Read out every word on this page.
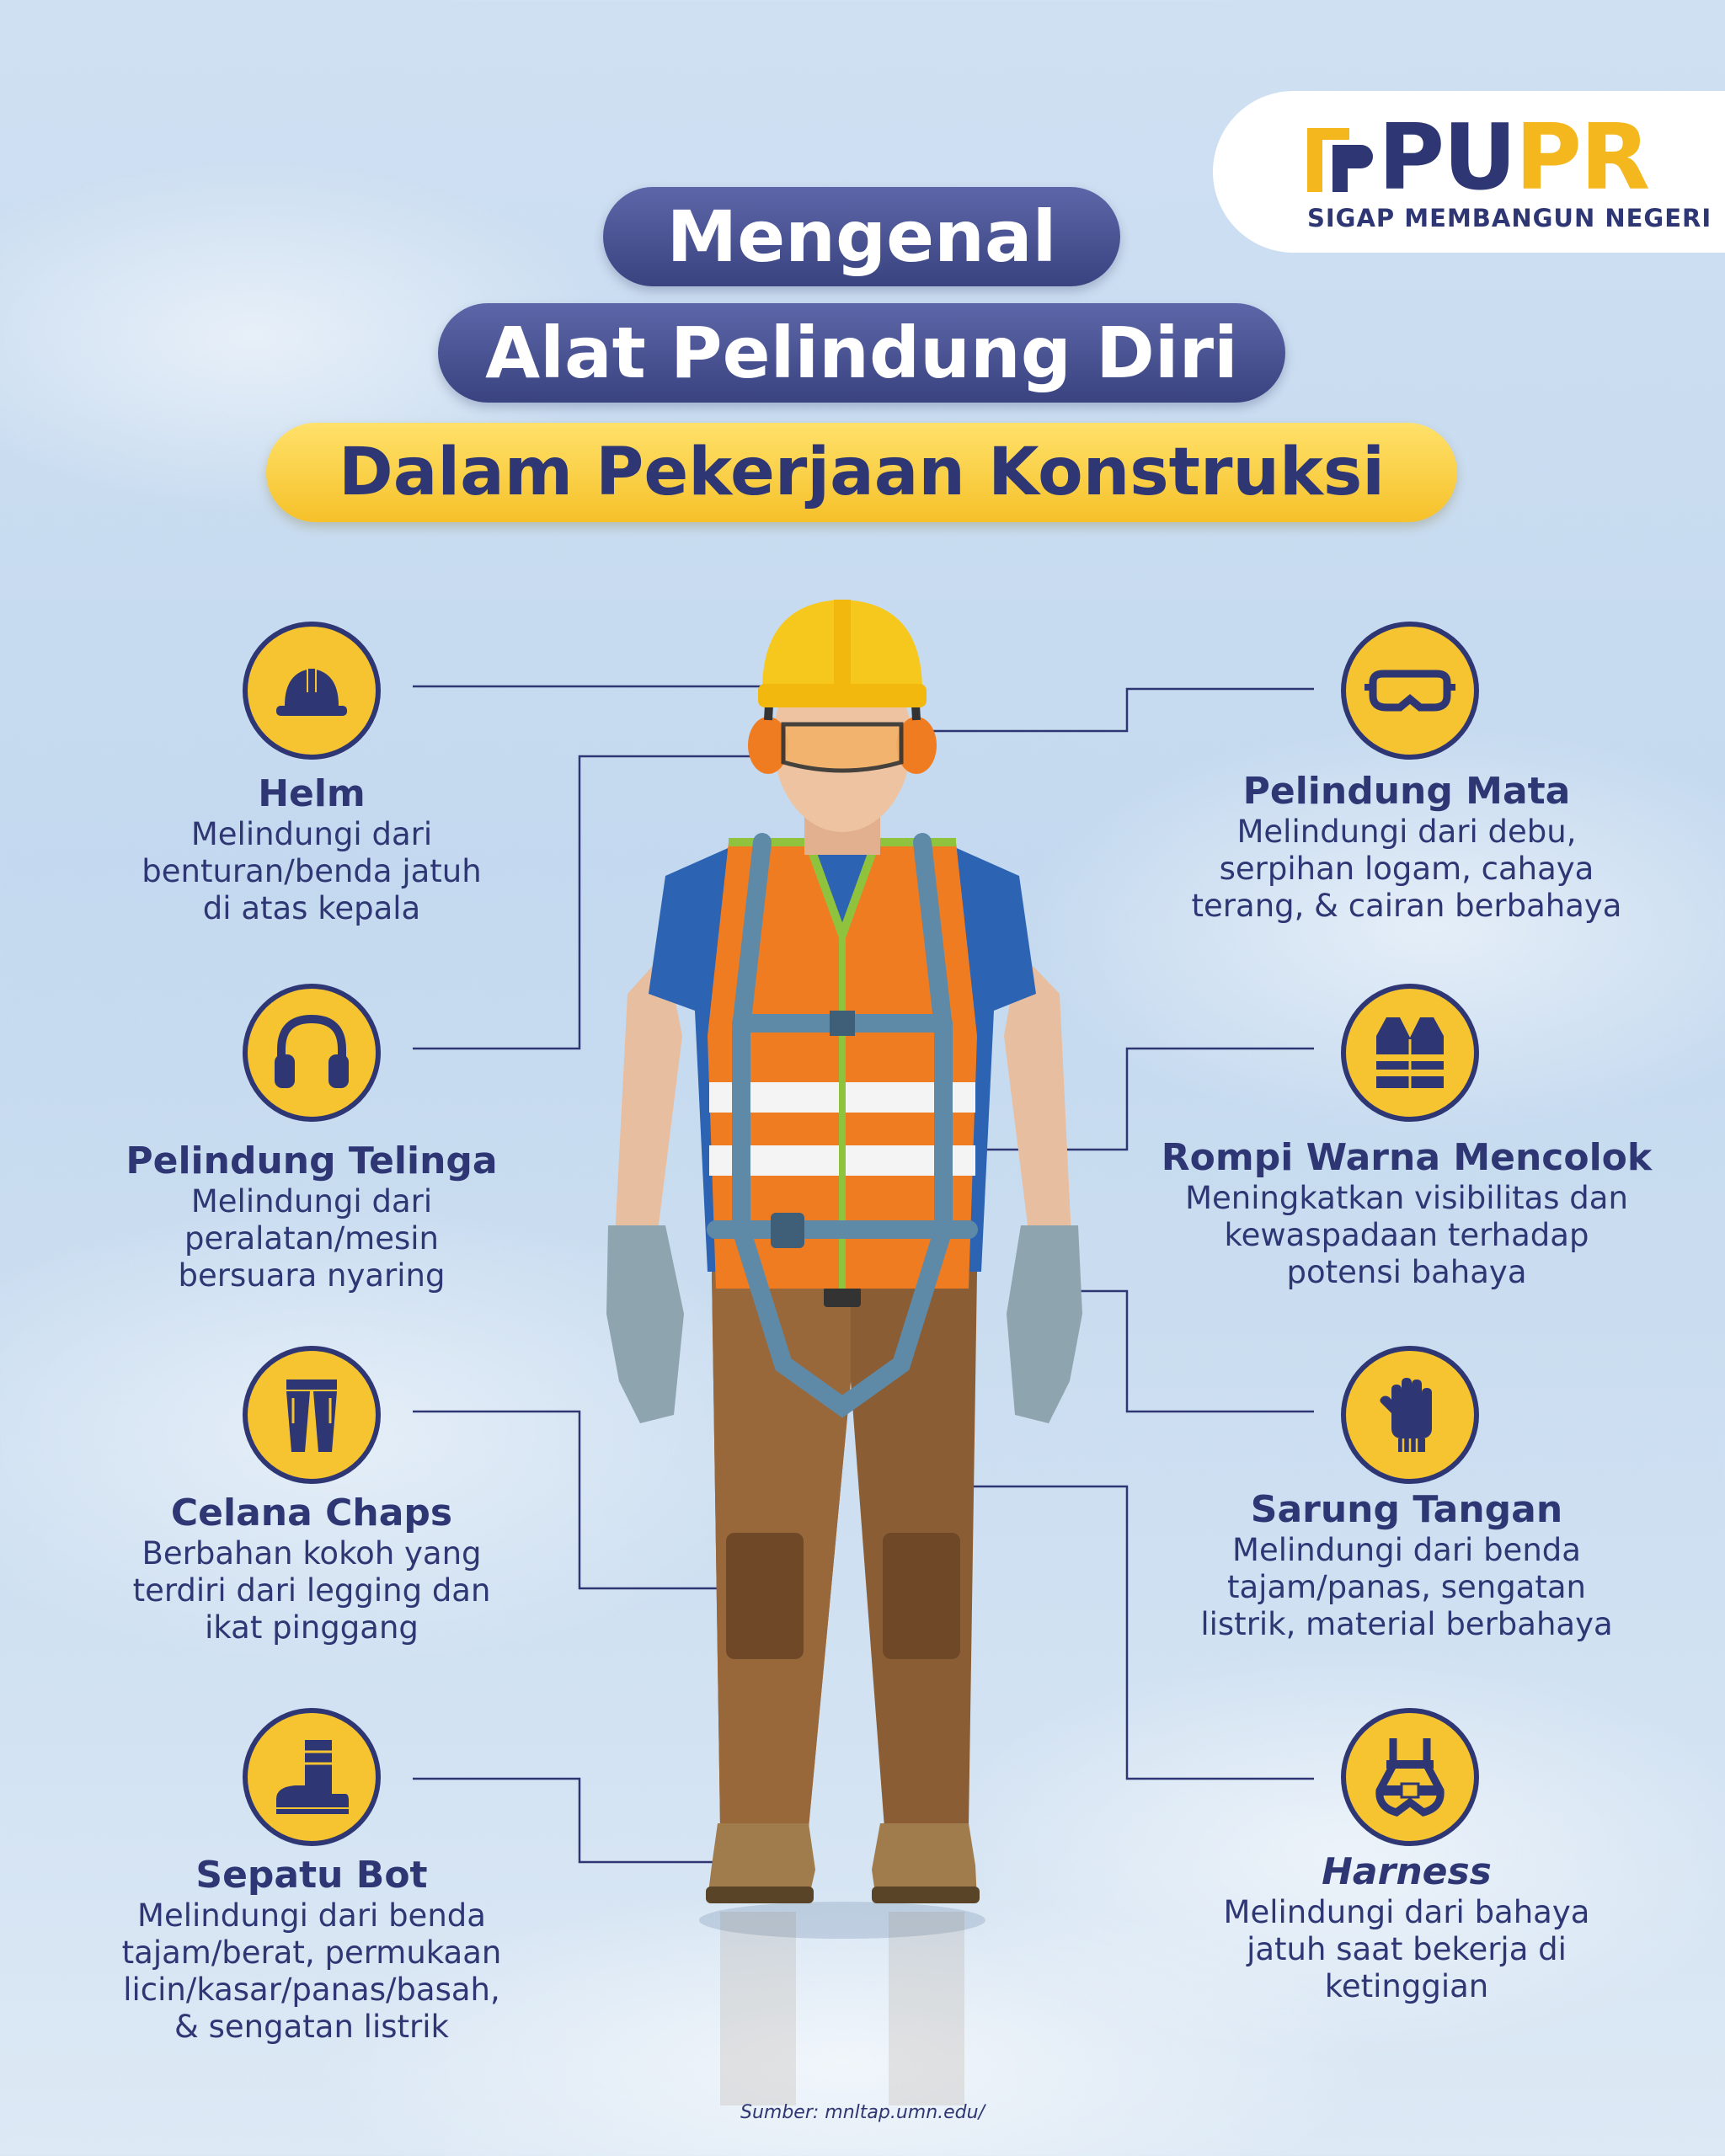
PUPR
SIGAP MEMBANGUN NEGERI
Mengenal
Alat Pelindung Diri
Dalam Pekerjaan Konstruksi
Helm
Melindungi dari
benturan/benda jatuh
di atas kepala
Pelindung Telinga
Melindungi dari
peralatan/mesin
bersuara nyaring
Celana Chaps
Berbahan kokoh yang
terdiri dari legging dan
ikat pinggang
Sepatu Bot
Melindungi dari benda
tajam/berat, permukaan
licin/kasar/panas/basah,
& sengatan listrik
Pelindung Mata
Melindungi dari debu,
serpihan logam, cahaya
terang, & cairan berbahaya
Rompi Warna Mencolok
Meningkatkan visibilitas dan
kewaspadaan terhadap
potensi bahaya
Sarung Tangan
Melindungi dari benda
tajam/panas, sengatan
listrik, material berbahaya
Harness
Melindungi dari bahaya
jatuh saat bekerja di
ketinggian
Sumber: mnltap.umn.edu/
